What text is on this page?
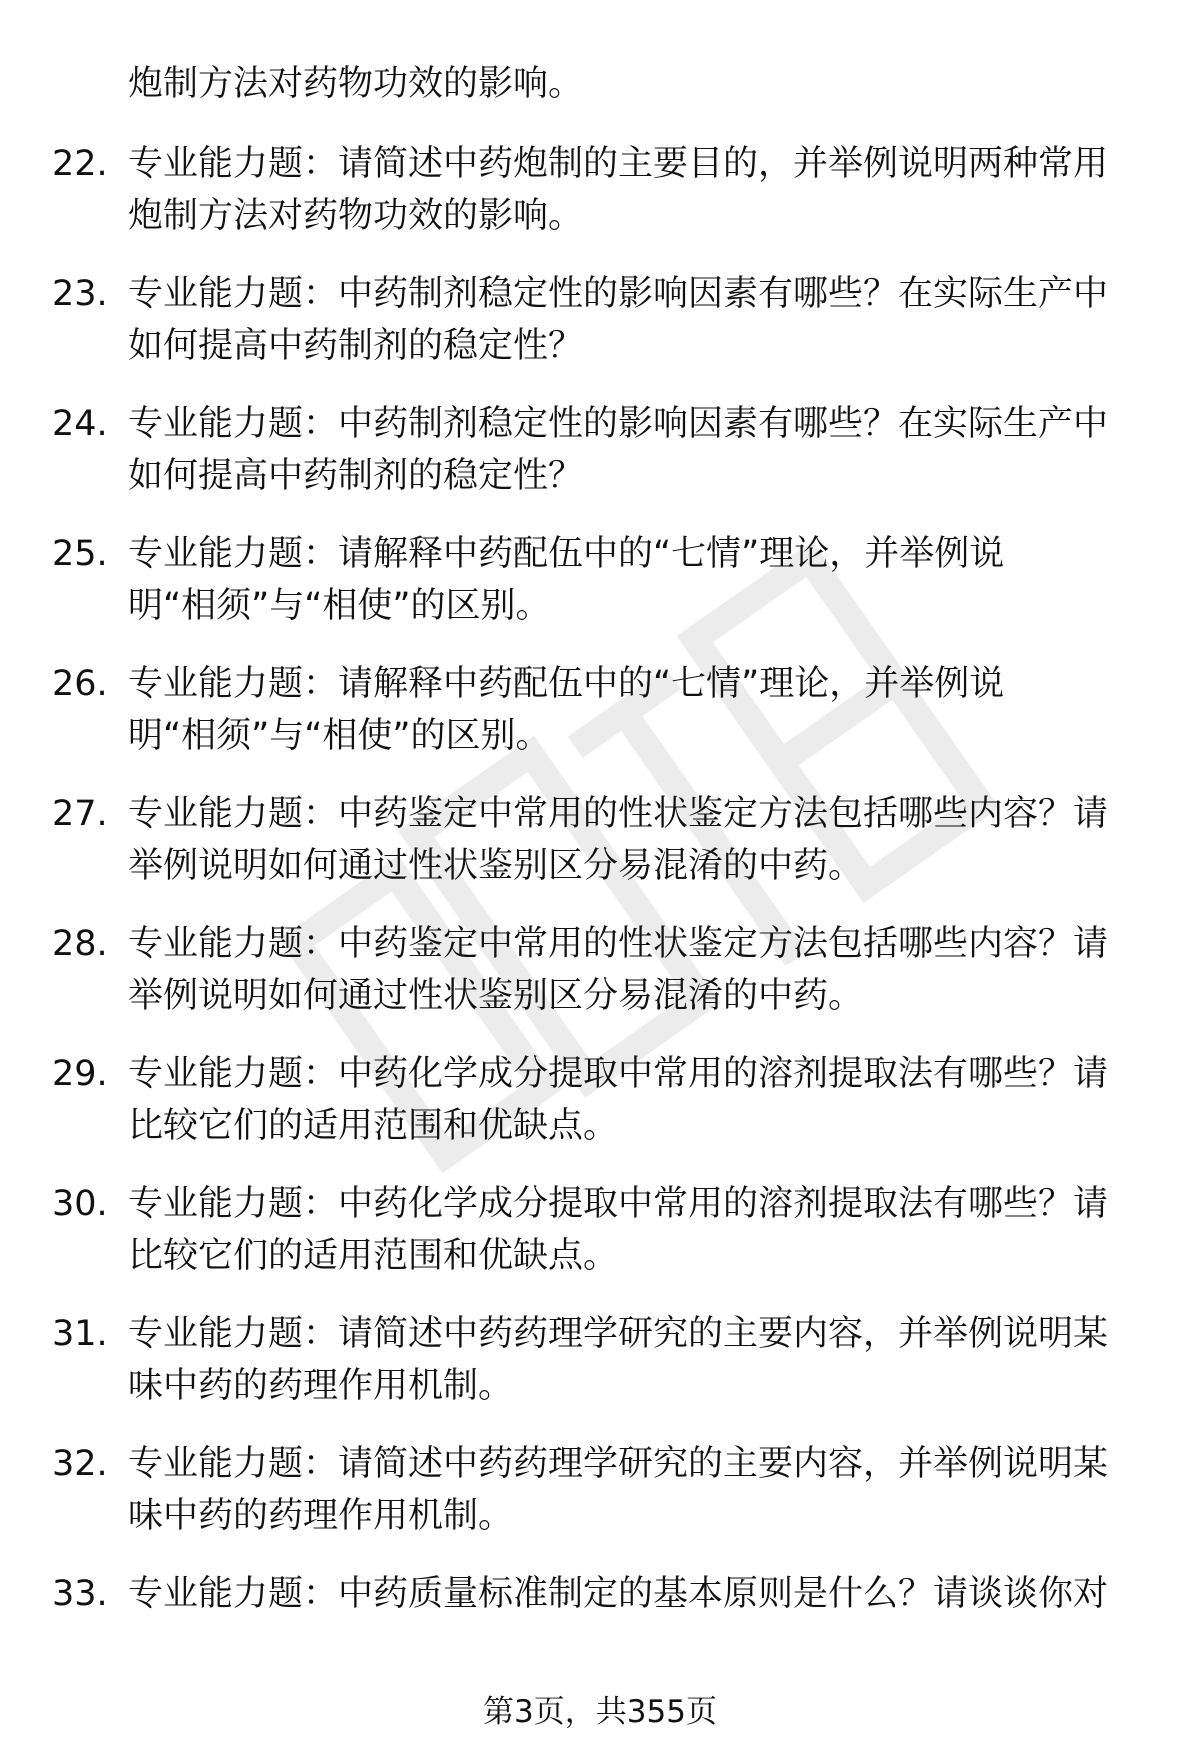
炮制方法对药物功效的影响。
22. 专业能力题：请简述中药炮制的主要目的，并举例说明两种常用
炮制方法对药物功效的影响。
23. 专业能力题：中药制剂稳定性的影响因素有哪些？在实际生产中
如何提高中药制剂的稳定性？
24. 专业能力题：中药制剂稳定性的影响因素有哪些？在实际生产中
如何提高中药制剂的稳定性？
25. 专业能力题：请解释中药配伍中的“七情”理论，并举例说
明“相须”与“相使”的区别。
26. 专业能力题：请解释中药配伍中的“七情”理论，并举例说
明“相须”与“相使”的区别。
27. 专业能力题：中药鉴定中常用的性状鉴定方法包括哪些内容？请
举例说明如何通过性状鉴别区分易混淆的中药。
28. 专业能力题：中药鉴定中常用的性状鉴定方法包括哪些内容？请
举例说明如何通过性状鉴别区分易混淆的中药。
29. 专业能力题：中药化学成分提取中常用的溶剂提取法有哪些？请
比较它们的适用范围和优缺点。
30. 专业能力题：中药化学成分提取中常用的溶剂提取法有哪些？请
比较它们的适用范围和优缺点。
31. 专业能力题：请简述中药药理学研究的主要内容，并举例说明某
味中药的药理作用机制。
32. 专业能力题：请简述中药药理学研究的主要内容，并举例说明某
味中药的药理作用机制。
33. 专业能力题：中药质量标准制定的基本原则是什么？请谈谈你对
第3页，共355页
